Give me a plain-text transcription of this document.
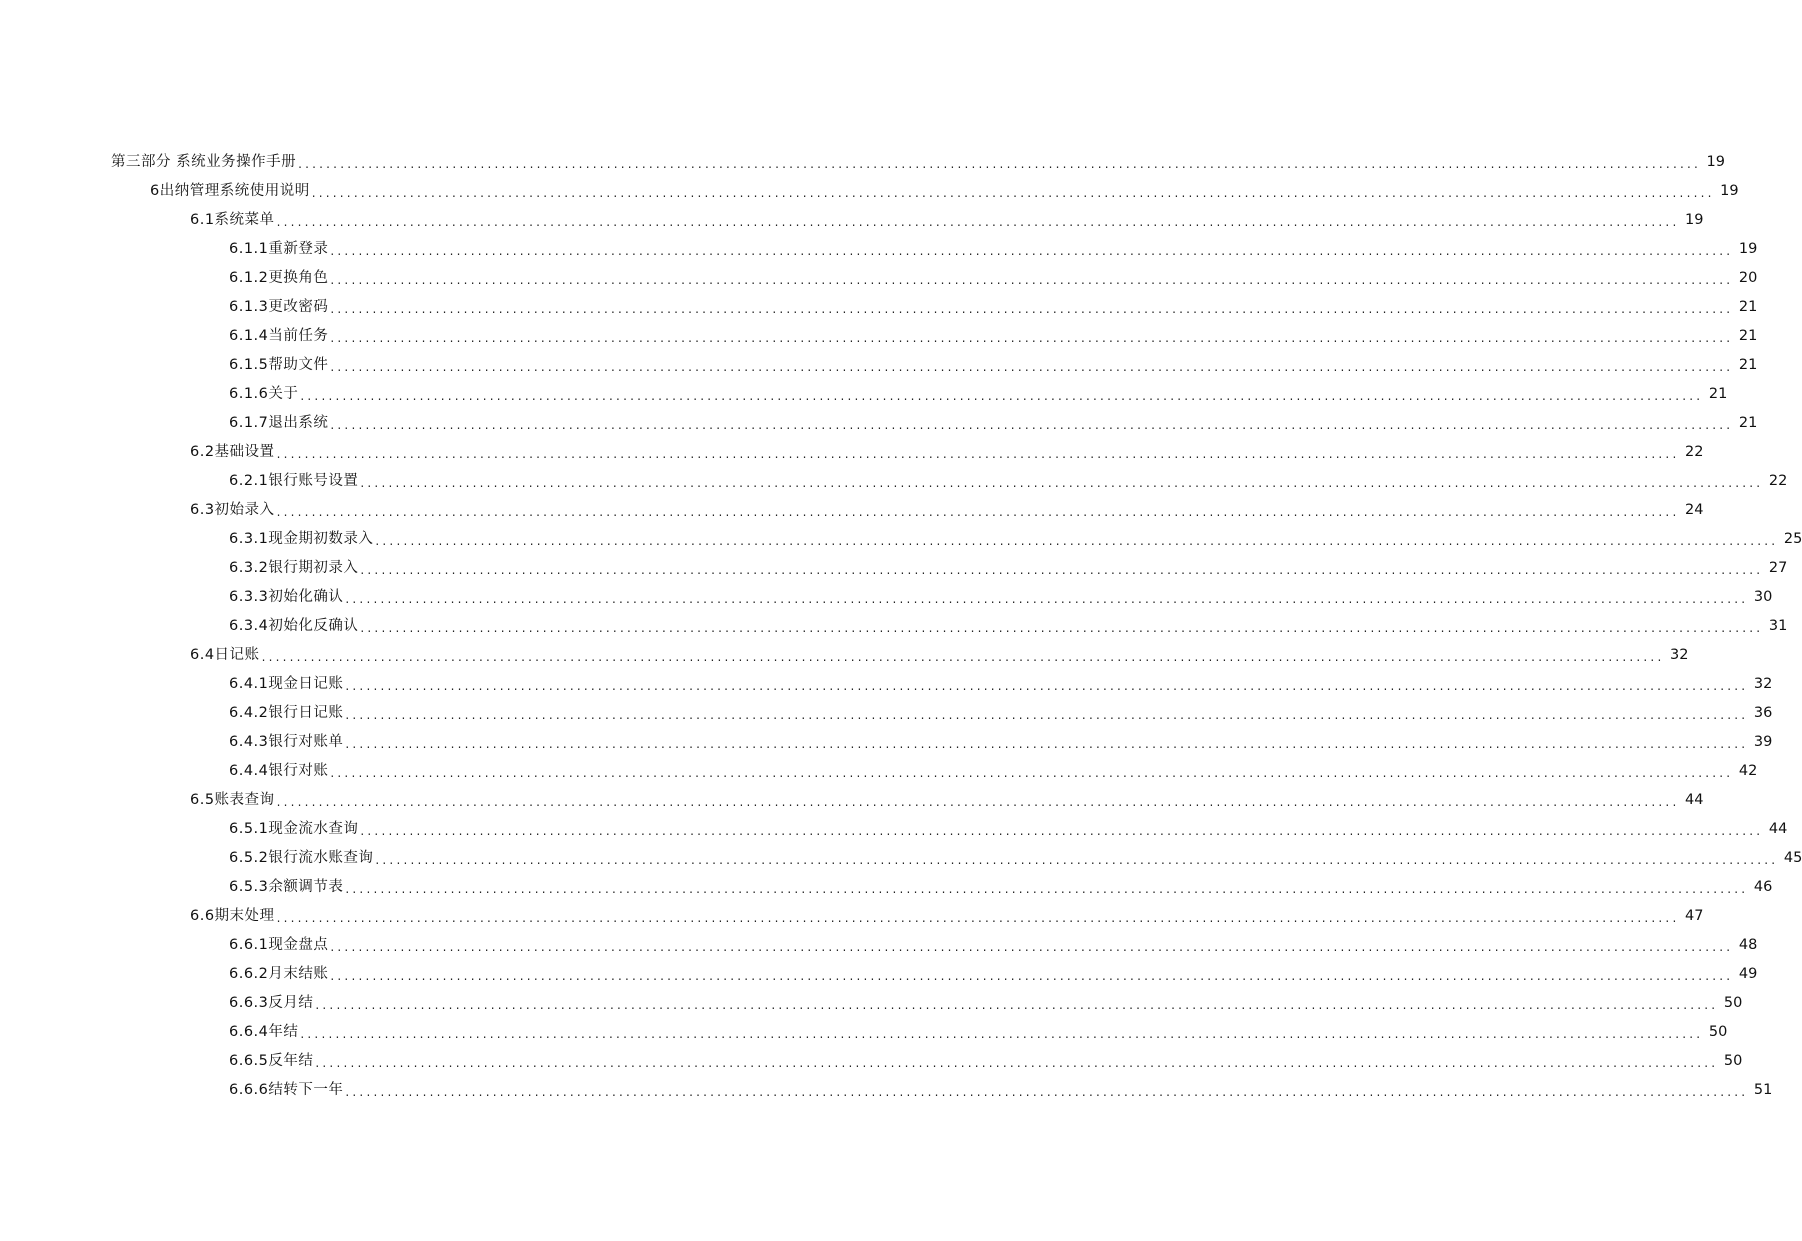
第三部分 系统业务操作手册 ........................................................................................................................................................................................................ 19
6出纳管理系统使用说明 ........................................................................................................................................................................................................ 19
6.1系统菜单 ........................................................................................................................................................................................................ 19
6.1.1重新登录 ........................................................................................................................................................................................................ 19
6.1.2更换角色 ........................................................................................................................................................................................................ 20
6.1.3更改密码 ........................................................................................................................................................................................................ 21
6.1.4当前任务 ........................................................................................................................................................................................................ 21
6.1.5帮助文件 ........................................................................................................................................................................................................ 21
6.1.6关于 ........................................................................................................................................................................................................ 21
6.1.7退出系统 ........................................................................................................................................................................................................ 21
6.2基础设置 ........................................................................................................................................................................................................ 22
6.2.1银行账号设置 ........................................................................................................................................................................................................ 22
6.3初始录入 ........................................................................................................................................................................................................ 24
6.3.1现金期初数录入 ........................................................................................................................................................................................................ 25
6.3.2银行期初录入 ........................................................................................................................................................................................................ 27
6.3.3初始化确认 ........................................................................................................................................................................................................ 30
6.3.4初始化反确认 ........................................................................................................................................................................................................ 31
6.4日记账 ........................................................................................................................................................................................................ 32
6.4.1现金日记账 ........................................................................................................................................................................................................ 32
6.4.2银行日记账 ........................................................................................................................................................................................................ 36
6.4.3银行对账单 ........................................................................................................................................................................................................ 39
6.4.4银行对账 ........................................................................................................................................................................................................ 42
6.5账表查询 ........................................................................................................................................................................................................ 44
6.5.1现金流水查询 ........................................................................................................................................................................................................ 44
6.5.2银行流水账查询 ........................................................................................................................................................................................................ 45
6.5.3余额调节表 ........................................................................................................................................................................................................ 46
6.6期末处理 ........................................................................................................................................................................................................ 47
6.6.1现金盘点 ........................................................................................................................................................................................................ 48
6.6.2月末结账 ........................................................................................................................................................................................................ 49
6.6.3反月结 ........................................................................................................................................................................................................ 50
6.6.4年结 ........................................................................................................................................................................................................ 50
6.6.5反年结 ........................................................................................................................................................................................................ 50
6.6.6结转下一年 ........................................................................................................................................................................................................ 51
